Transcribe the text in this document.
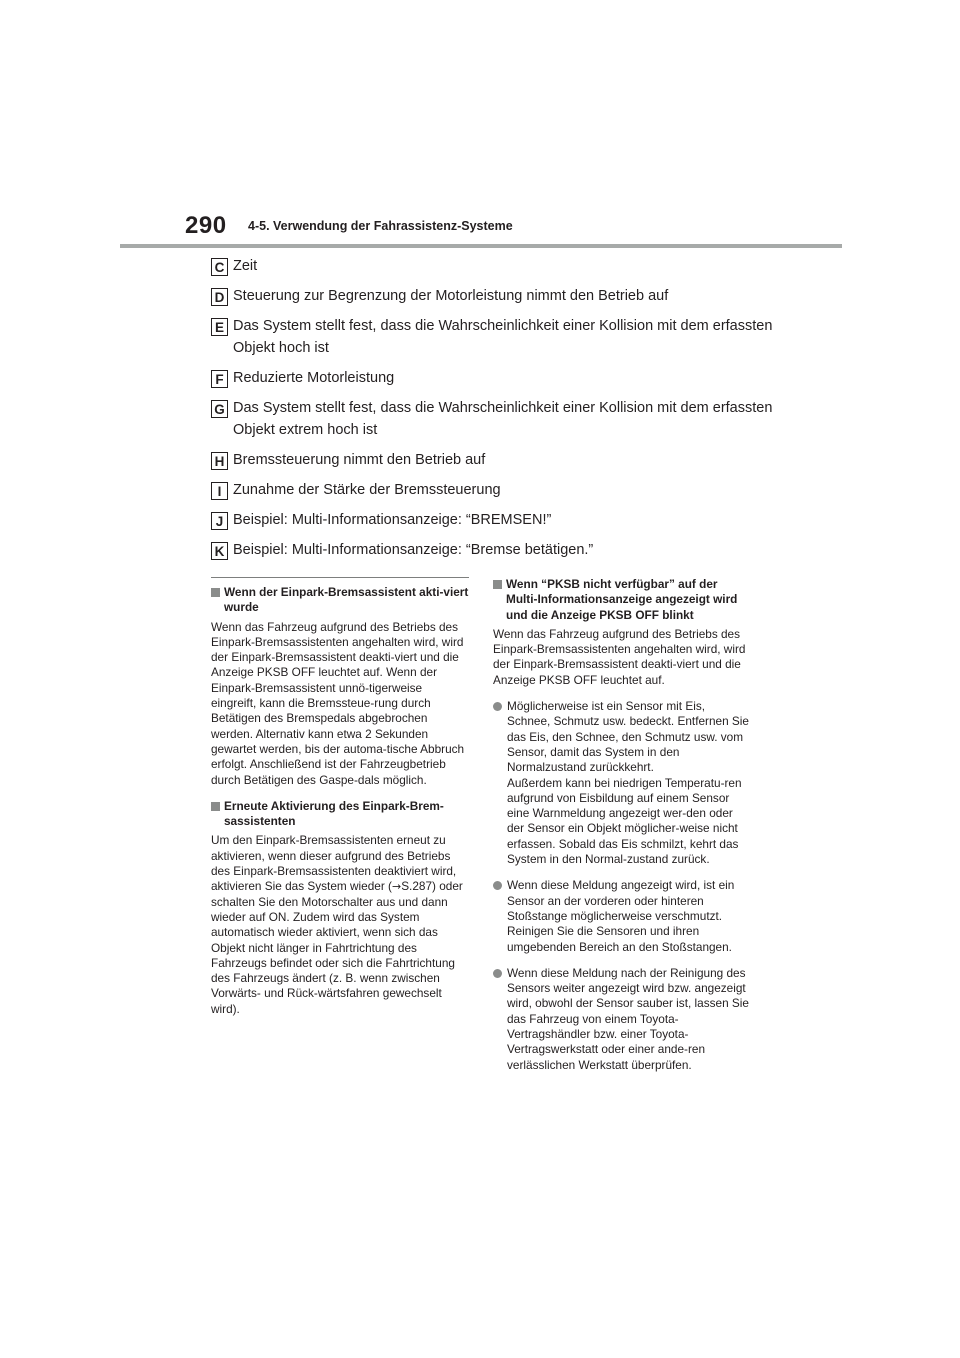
290 4-5. Verwendung der Fahrassistenz-Systeme
C Zeit
D Steuerung zur Begrenzung der Motorleistung nimmt den Betrieb auf
E Das System stellt fest, dass die Wahrscheinlichkeit einer Kollision mit dem erfassten Objekt hoch ist
F Reduzierte Motorleistung
G Das System stellt fest, dass die Wahrscheinlichkeit einer Kollision mit dem erfassten Objekt extrem hoch ist
H Bremssteuerung nimmt den Betrieb auf
I Zunahme der Stärke der Bremssteuerung
J Beispiel: Multi-Informationsanzeige: “BREMSEN!”
K Beispiel: Multi-Informationsanzeige: “Bremse betätigen.”
Wenn der Einpark-Bremsassistent akti-viert wurde

Wenn das Fahrzeug aufgrund des Betriebs des Einpark-Bremsassistenten angehalten wird, wird der Einpark-Bremsassistent deakti-viert und die Anzeige PKSB OFF leuchtet auf. Wenn der Einpark-Bremsassistent unnö-tigerweise eingreift, kann die Bremssteue-rung durch Betätigen des Bremspedals abgebrochen werden. Alternativ kann etwa 2 Sekunden gewartet werden, bis der automa-tische Abbruch erfolgt. Anschließend ist der Fahrzeugbetrieb durch Betätigen des Gaspe-dals möglich.

Erneute Aktivierung des Einpark-Brem-sassistenten

Um den Einpark-Bremsassistenten erneut zu aktivieren, wenn dieser aufgrund des Betriebs des Einpark-Bremsassistenten deaktiviert wird, aktivieren Sie das System wieder (→S.287) oder schalten Sie den Motorschalter aus und dann wieder auf ON. Zudem wird das System automatisch wieder aktiviert, wenn sich das Objekt nicht länger in Fahrtrichtung des Fahrzeugs befindet oder sich die Fahrtrichtung des Fahrzeugs ändert (z. B. wenn zwischen Vorwärts- und Rück-wärtsfahren gewechselt wird).

Wenn “PKSB nicht verfügbar” auf der Multi-Informationsanzeige angezeigt wird und die Anzeige PKSB OFF blinkt

Wenn das Fahrzeug aufgrund des Betriebs des Einpark-Bremsassistenten angehalten wird, wird der Einpark-Bremsassistent deakti-viert und die Anzeige PKSB OFF leuchtet auf.

Möglicherweise ist ein Sensor mit Eis, Schnee, Schmutz usw. bedeckt. Entfernen Sie das Eis, den Schnee, den Schmutz usw. vom Sensor, damit das System in den Normalzustand zurückkehrt.

Außerdem kann bei niedrigen Temperatu-ren aufgrund von Eisbildung auf einem Sensor eine Warnmeldung angezeigt wer-den oder der Sensor ein Objekt möglicher-weise nicht erfassen. Sobald das Eis schmilzt, kehrt das System in den Normal-zustand zurück.

Wenn diese Meldung angezeigt wird, ist ein Sensor an der vorderen oder hinteren Stoßstange möglicherweise verschmutzt. Reinigen Sie die Sensoren und ihren umgebenden Bereich an den Stoßstangen.

Wenn diese Meldung nach der Reinigung des Sensors weiter angezeigt wird bzw. angezeigt wird, obwohl der Sensor sauber ist, lassen Sie das Fahrzeug von einem Toyota-Vertragshändler bzw. einer Toyota-Vertragswerkstatt oder einer ande-ren verlässlichen Werkstatt überprüfen.
